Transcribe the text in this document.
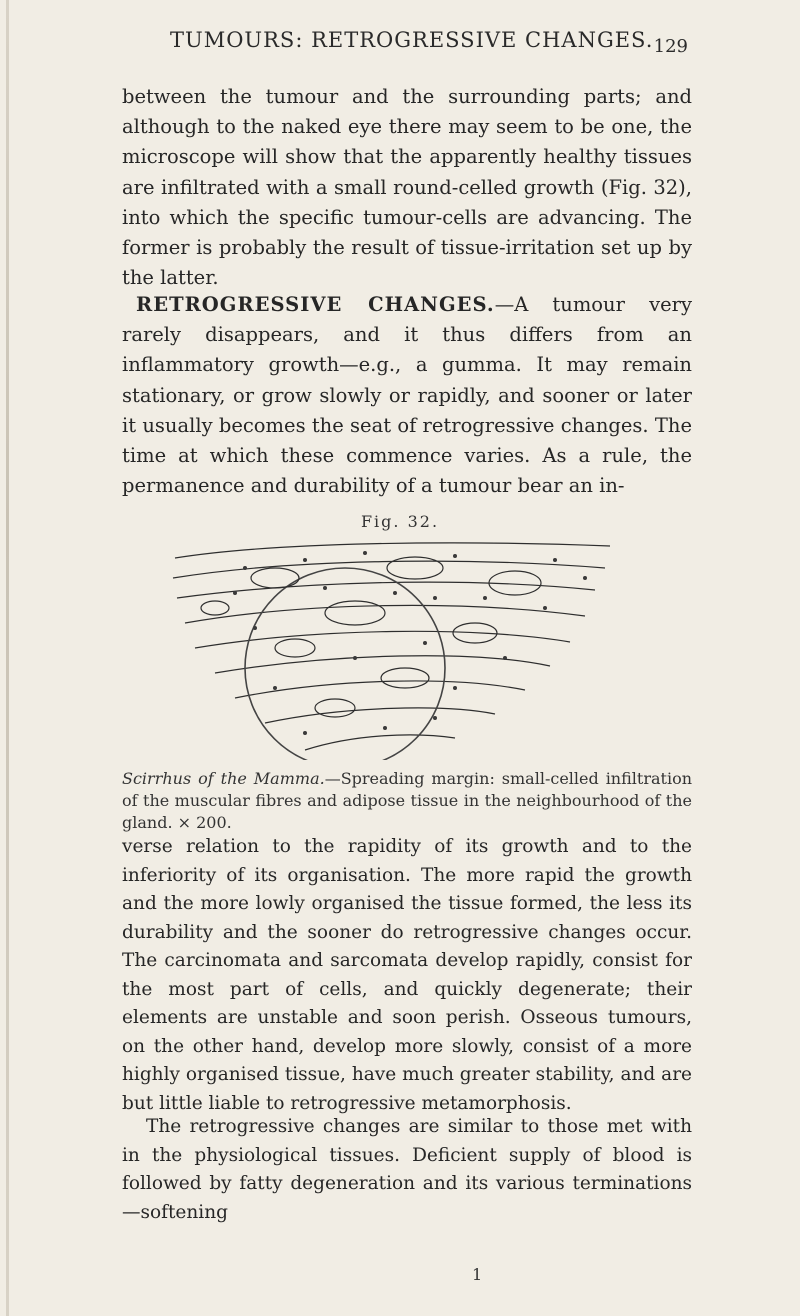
TUMOURS: RETROGRESSIVE CHANGES. 129

between the tumour and the surrounding parts; and although to the naked eye there may seem to be one, the microscope will show that the apparently healthy tissues are infiltrated with a small round-celled growth (Fig. 32), into which the specific tumour-cells are advancing. The former is probably the result of tissue-irritation set up by the latter.

RETROGRESSIVE CHANGES.—A tumour very rarely disappears, and it thus differs from an inflammatory growth—e.g., a gumma. It may remain stationary, or grow slowly or rapidly, and sooner or later it usually becomes the seat of retrogressive changes. The time at which these commence varies. As a rule, the permanence and durability of a tumour bear an in-

Fig. 32.

Scirrhus of the Mamma.—Spreading margin: small-celled infiltration of the muscular fibres and adipose tissue in the neighbourhood of the gland. × 200.

verse relation to the rapidity of its growth and to the inferiority of its organisation. The more rapid the growth and the more lowly organised the tissue formed, the less its durability and the sooner do retrogressive changes occur. The carcinomata and sarcomata develop rapidly, consist for the most part of cells, and quickly degenerate; their elements are unstable and soon perish. Osseous tumours, on the other hand, develop more slowly, consist of a more highly organised tissue, have much greater stability, and are but little liable to retrogressive metamorphosis.

The retrogressive changes are similar to those met with in the physiological tissues. Deficient supply of blood is followed by fatty degeneration and its various terminations—softening

1
